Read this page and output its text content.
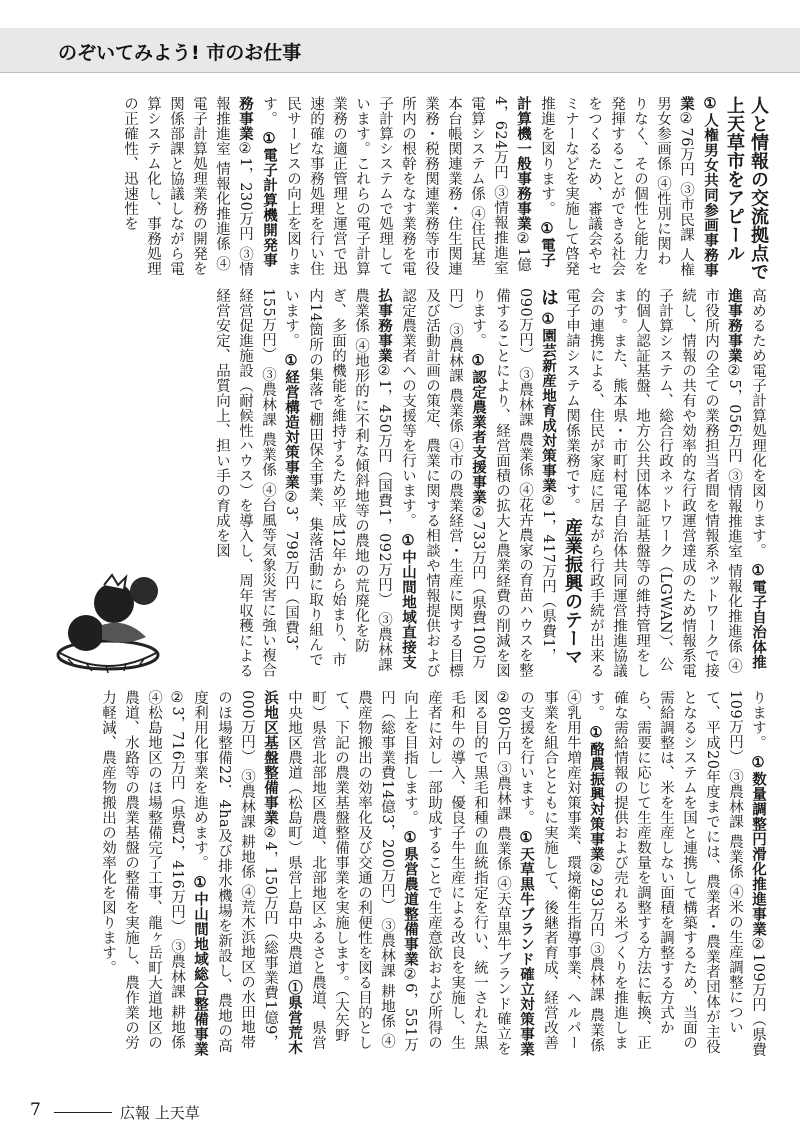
のぞいてみよう! 市のお仕事
人と情報の交流拠点で上天草市をアピール ①人権男女共同参画事務事業②76万円 ③市民課 人権男女参画係 ④性別に関わりなく、その個性と能力を発揮することができる社会をつくるため、審議会やセミナーなどを実施して啓発推進を図ります。 ①電子計算機一般事務事業②1億4，624万円 ③情報推進室 電算システム係 ④住民基本台帳関連業務・住生関連業務・税務関連業務等市役所内の根幹をなす業務を電子計算システムで処理しています。これらの電子計算業務の適正管理と運営で迅速的確な事務処理を行い住民サービスの向上を図ります。 ①電子計算機開発事務事業②1，230万円 ③情報推進室 情報化推進係 ④電子計算処理業務の開発を関係部課と協議しながら電算システム化し、事務処理の正確性、迅速性を
高めるため電子計算処理化を図ります。 ①電子自治体推進事務事業②5，056万円 ③情報推進室 情報化推進係 ④市役所内の全ての業務担当者間を情報系ネットワークで接続し、情報の共有や効率的な行政運営達成のため情報系電子計算システム、総合行政ネットワーク（LGWAN）、公的個人認証基盤、地方公共団体認証基盤等の維持管理をします。また、熊本県・市町村電子自治体共同運営推進協議会の連携による、住民が家庭に居ながら行政手続が出来る電子申請システム関係業務です。 産業振興のテーマは ①園芸新産地育成対策事業②1，417万円（県費1，090万円） ③農林課 農業係 ④花卉農家の育苗ハウスを整備することにより、経営面積の拡大と農業経費の削減を図ります。 ①認定農業者支援事業②733万円（県費100万円） ③農林課 農業係 ④市の農業経営・生産に関する目標及び活動計画の策定、農業に関する相談や情報提供および認定農業者への支援等を行います。 ①中山間地域直接支払事務事業②1，450万円（国費1，092万円） ③農林課 農業係 ④地形的に不利な傾斜地等の農地の荒廃化を防ぎ、多面的機能を維持するため平成12年から始まり、市内14箇所の集落で棚田保全事業、集落活動に取り組んでいます。 ①経営構造対策事業②3，798万円（国費3，155万円） ③農林課 農業係 ④台風等気象災害に強い複合経営促進施設（耐候性ハウス）を導入し、周年収穫による経営安定、品質向上、担い手の育成を図
ります。 ①数量調整円滑化推進事業②109万円（県費109万円） ③農林課 農業係 ④米の生産調整について、平成20年度までには、農業者・農業者団体が主役となるシステムを国と連携して構築するため、当面の需給調整は、米を生産しない面積を調整する方式から、需要に応じて生産数量を調整する方法に転換、正確な需給情報の提供および売れる米づくりを推進します。 ①酪農振興対策事業②293万円 ③農林課 農業係 ④乳用牛増産対策事業、環境衛生指導事業、ヘルパー事業を組合とともに実施して、後継者育成、経営改善の支援を行います。 ①天草黒牛ブランド確立対策事業②80万円 ③農林課 農業係 ④天草黒牛ブランド確立を図る目的で黒毛和種の血統指定を行い、統一された黒毛和牛の導入、優良子牛生産による改良を実施し、生産者に対し一部助成することで生産意欲および所得の向上を目指します。 ①県営農道整備事業②6，551万円（総事業費14億3，200万円） ③農林課 耕地係 ④農産物搬出の効率化及び交通の利便性を図る目的として、下記の農業基盤整備事業を実施します。（大矢野町）県営北部地区農道、北部地区ふるさと農道、県営中央地区農道（松島町）県営上島中央農道 ①県営荒木浜地区基盤整備事業②4，150万円（総事業費1億9，000万円） ③農林課 耕地係 ④荒木浜地区の水田地帯のほ場整備22．4ha及び排水機場を新設し、農地の高度利用化事業を進めます。 ①中山間地域総合整備事業②3，716万円（県費2，416万円） ③農林課 耕地係 ④松島地区のほ場整備完了工事、龍ヶ岳町大道地区の農道、水路等の農業基盤の整備を実施し、農作業の労力軽減、農産物搬出の効率化を図ります。
7	広報 上天草
